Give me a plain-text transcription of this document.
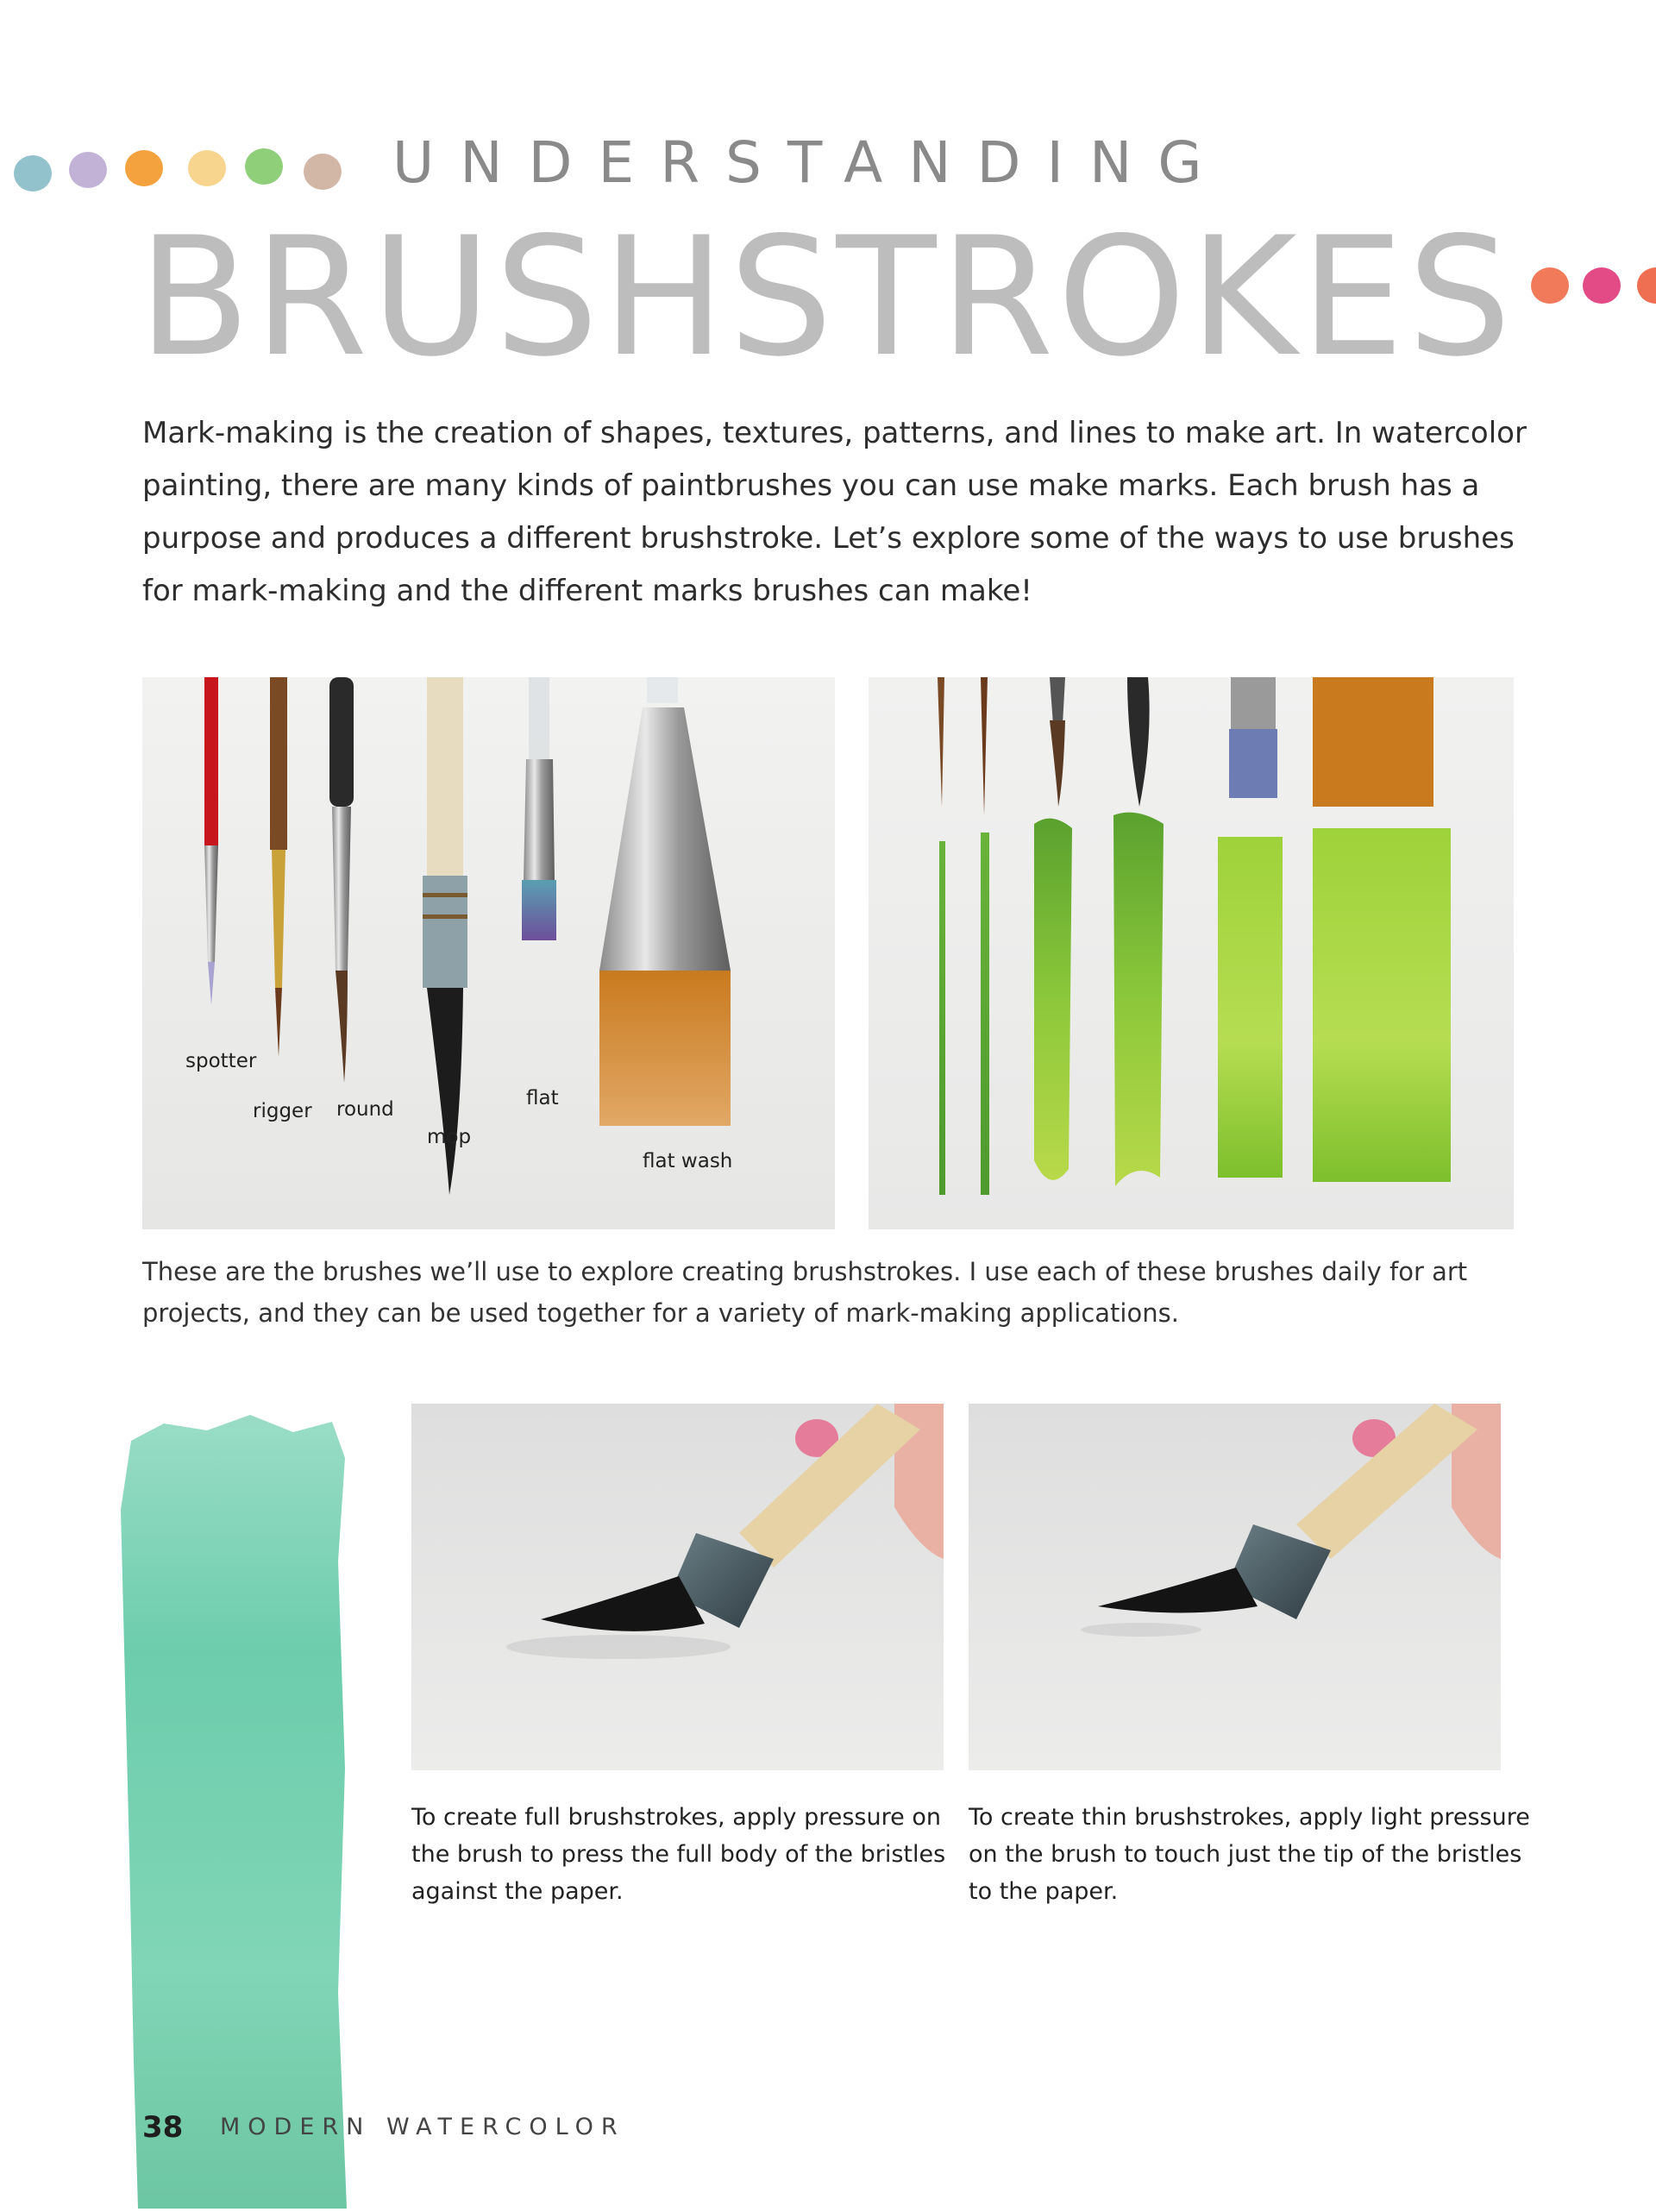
UNDERSTANDING
BRUSHSTROKES
Mark-making is the creation of shapes, textures, patterns, and lines to make art. In watercolor painting, there are many kinds of paintbrushes you can use make marks. Each brush has a purpose and produces a different brushstroke. Let’s explore some of the ways to use brushes for mark-making and the different marks brushes can make!
spotter
rigger round
mop
flat
flat wash
These are the brushes we’ll use to explore creating brushstrokes. I use each of these brushes daily for art projects, and they can be used together for a variety of mark-making applications.
To create full brushstrokes, apply pressure on the brush to press the full body of the bristles against the paper.
To create thin brushstrokes, apply light pressure on the brush to touch just the tip of the bristles to the paper.
38 MODERN WATERCOLOR
